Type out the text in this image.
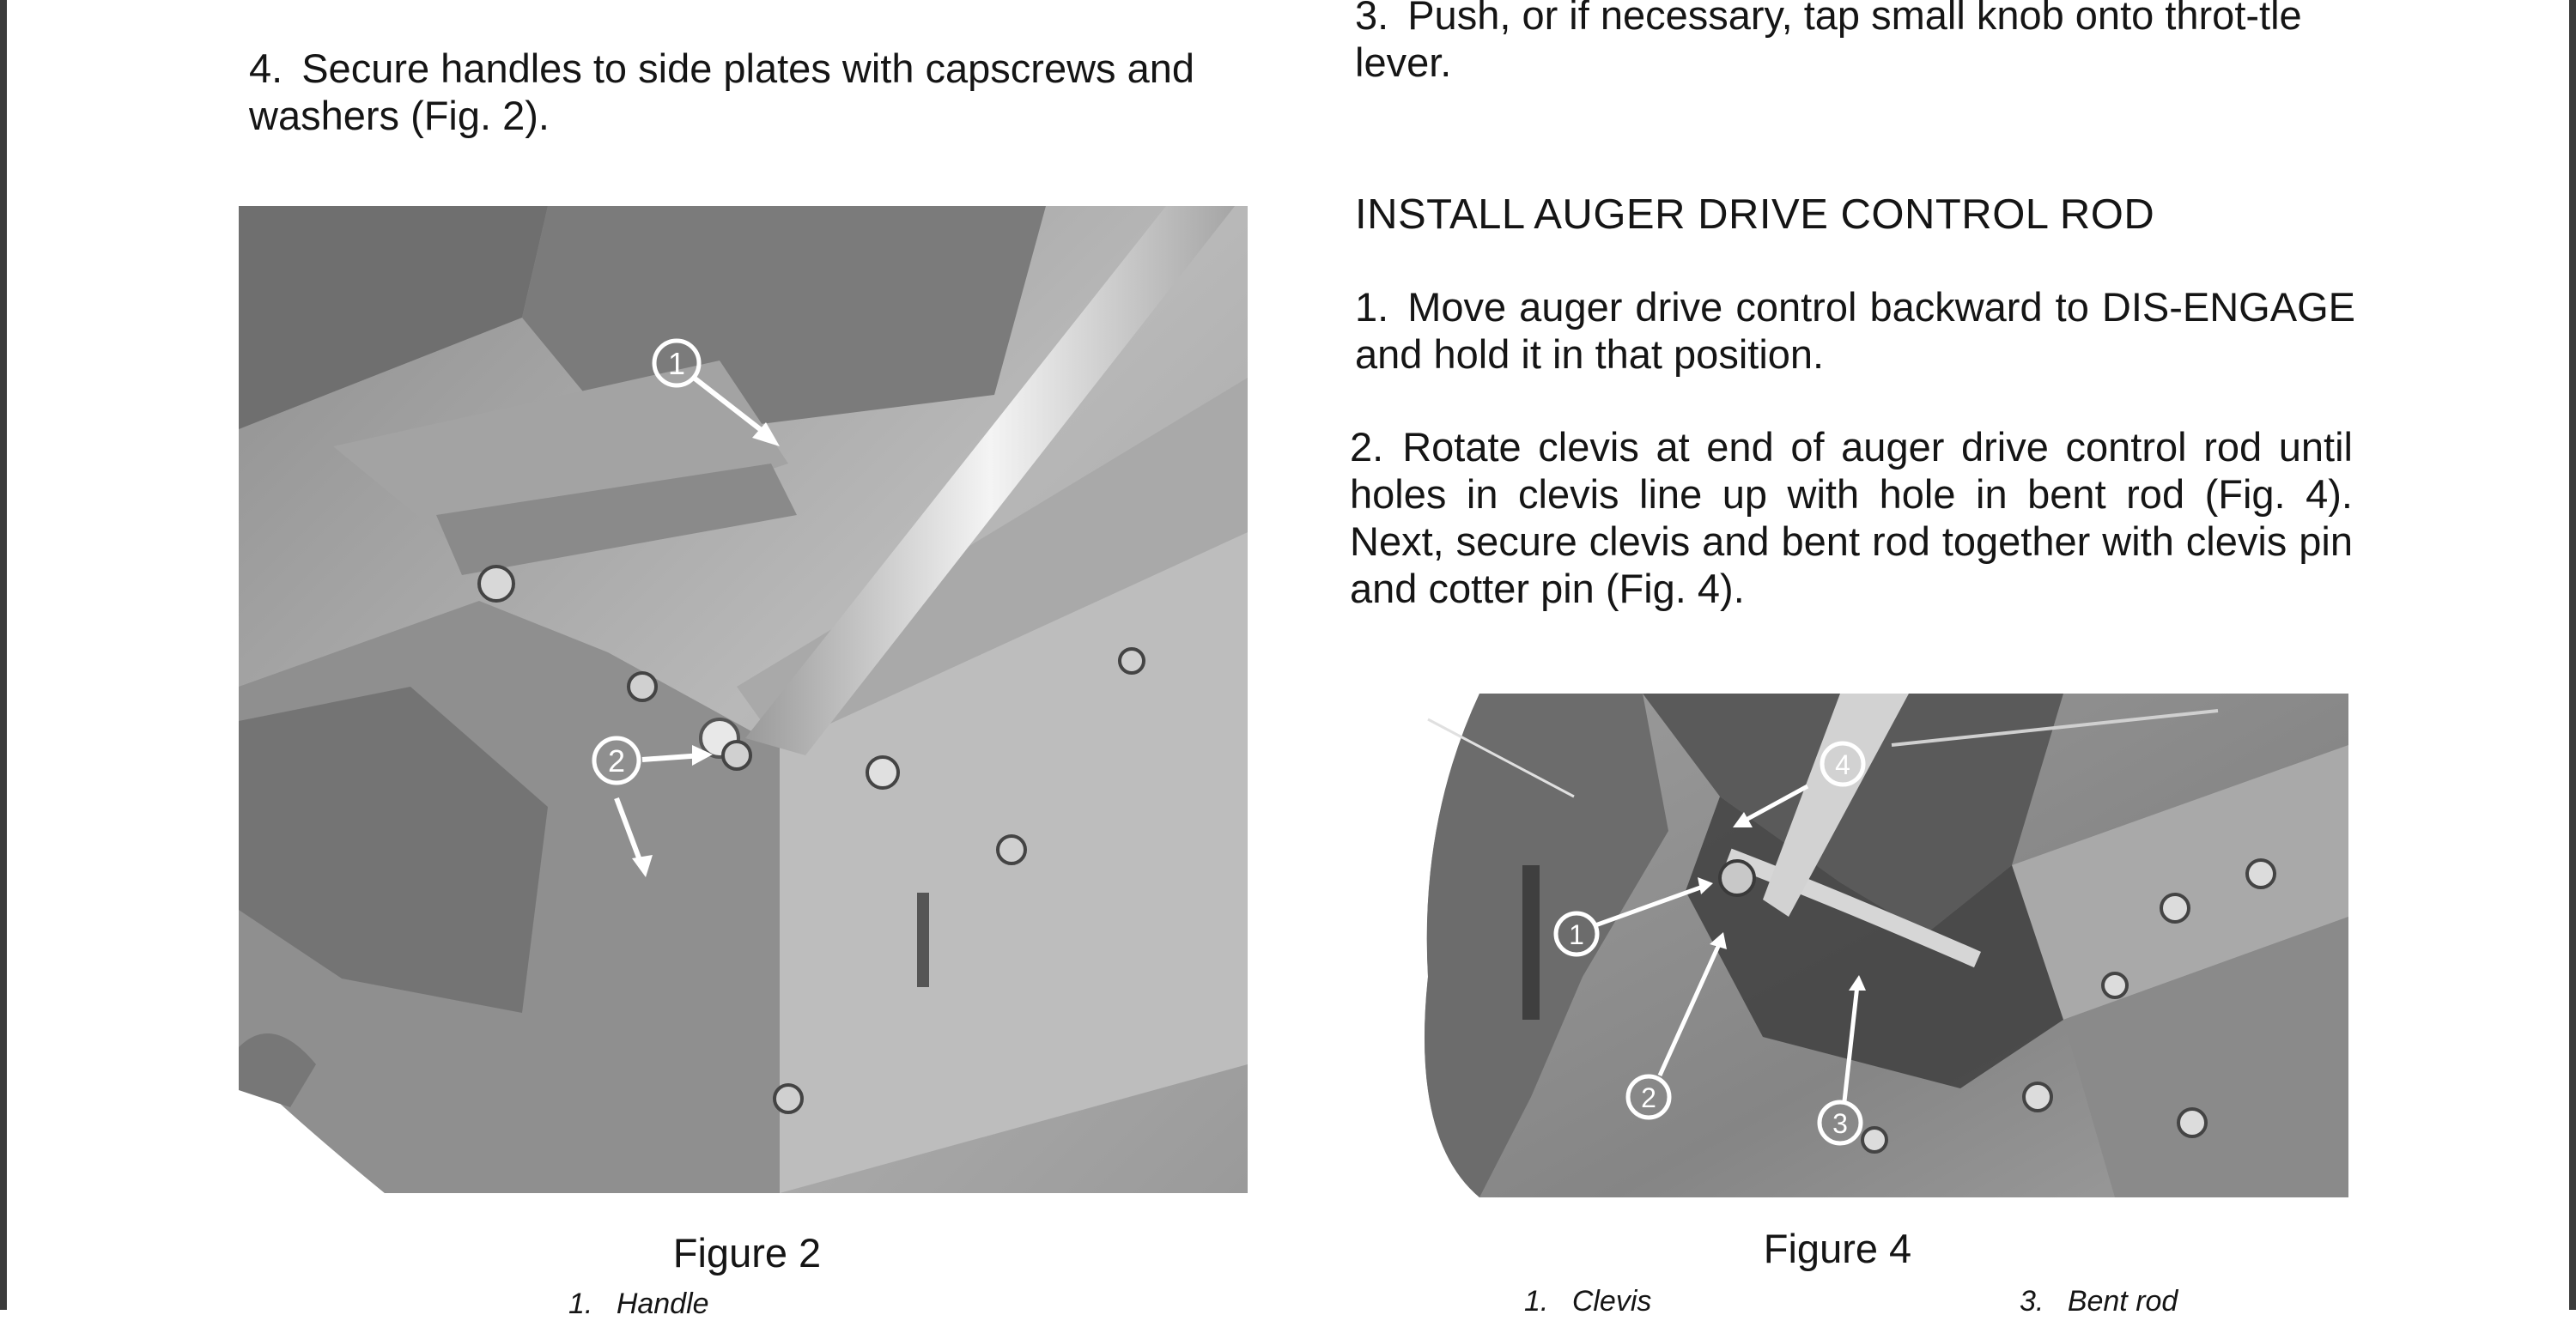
3. Push, or if necessary, tap small knob onto throt-tle lever.

4. Secure handles to side plates with capscrews and washers (Fig. 2).

INSTALL AUGER DRIVE CONTROL ROD

1. Move auger drive control backward to DIS-ENGAGE and hold it in that position.

2. Rotate clevis at end of auger drive control rod until holes in clevis line up with hole in bent rod (Fig. 4). Next, secure clevis and bent rod together with clevis pin and cotter pin (Fig. 4).

1
2	4
1
2
3
Figure 2	Figure 4
1. Handle	1. Clevis	3. Bent rod
